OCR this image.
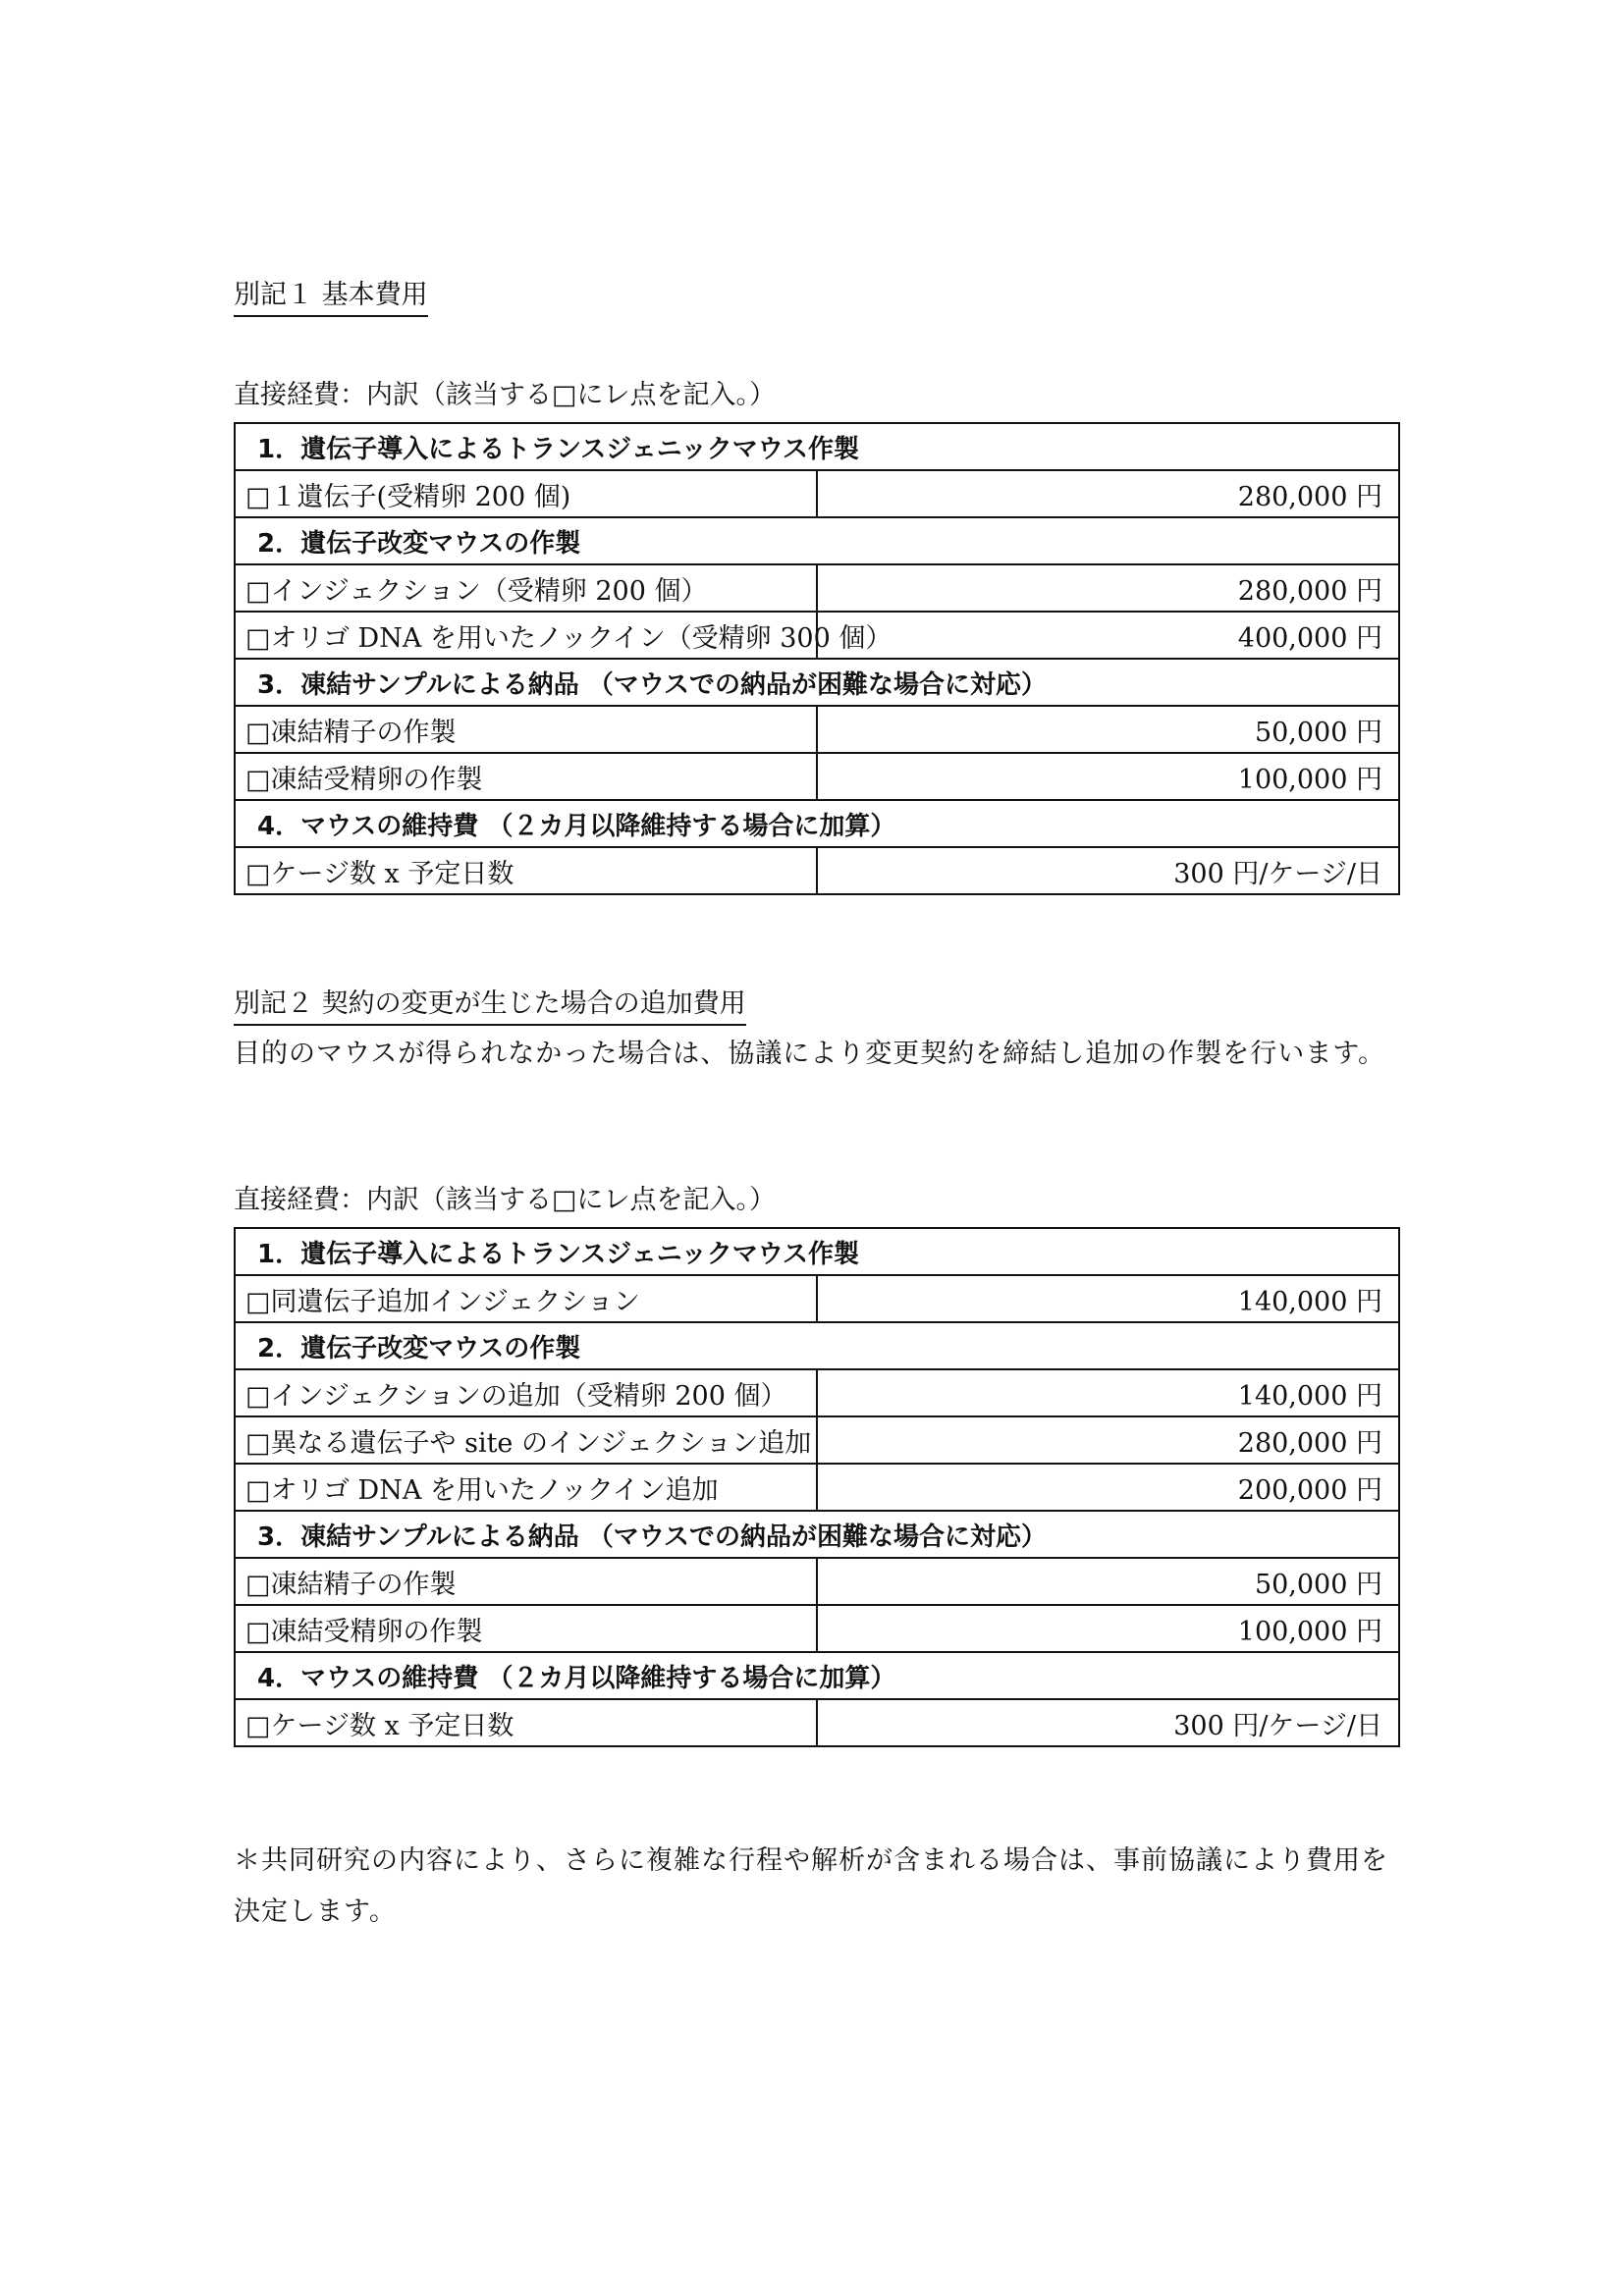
別記１ 基本費用
直接経費：内訳（該当する□にレ点を記入。）
1．遺伝子導入によるトランスジェニックマウス作製	
□１遺伝子(受精卵 200 個)	280,000 円
2．遺伝子改変マウスの作製	
□インジェクション（受精卵 200 個）	280,000 円
□オリゴ DNA を用いたノックイン（受精卵 300 個）	400,000 円
3．凍結サンプルによる納品 （マウスでの納品が困難な場合に対応）	
□凍結精子の作製	50,000 円
□凍結受精卵の作製	100,000 円
4．マウスの維持費 （２カ月以降維持する場合に加算）	
□ケージ数 x 予定日数	300 円/ケージ/日
別記２ 契約の変更が生じた場合の追加費用
目的のマウスが得られなかった場合は、協議により変更契約を締結し追加の作製を行います。
直接経費：内訳（該当する□にレ点を記入。）
1．遺伝子導入によるトランスジェニックマウス作製	
□同遺伝子追加インジェクション	140,000 円
2．遺伝子改変マウスの作製	
□インジェクションの追加（受精卵 200 個）	140,000 円
□異なる遺伝子や site のインジェクション追加	280,000 円
□オリゴ DNA を用いたノックイン追加	200,000 円
3．凍結サンプルによる納品 （マウスでの納品が困難な場合に対応）	
□凍結精子の作製	50,000 円
□凍結受精卵の作製	100,000 円
4．マウスの維持費 （２カ月以降維持する場合に加算）	
□ケージ数 x 予定日数	300 円/ケージ/日
＊共同研究の内容により、さらに複雑な行程や解析が含まれる場合は、事前協議により費用を決定します。
